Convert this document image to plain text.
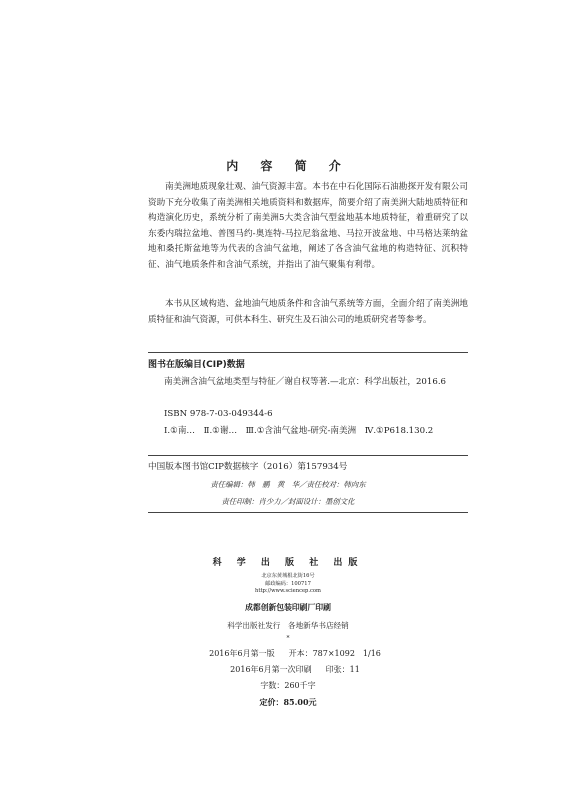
内 容 简 介
南美洲地质现象壮观、油气资源丰富。本书在中石化国际石油勘探开发有限公司资助下充分收集了南美洲相关地质资料和数据库，简要介绍了南美洲大陆地质特征和构造演化历史，系统分析了南美洲5大类含油气型盆地基本地质特征，着重研究了以东委内瑞拉盆地、普图马约-奥连特-马拉尼翁盆地、马拉开波盆地、中马格达莱纳盆地和桑托斯盆地等为代表的含油气盆地，阐述了各含油气盆地的构造特征、沉积特征、油气地质条件和含油气系统，并指出了油气聚集有利带。
本书从区域构造、盆地油气地质条件和含油气系统等方面，全面介绍了南美洲地质特征和油气资源，可供本科生、研究生及石油公司的地质研究者等参考。
图书在版编目(CIP)数据
南美洲含油气盆地类型与特征／谢自权等著.—北京：科学出版社，2016.6
ISBN 978-7-03-049344-6
Ⅰ.①南…　Ⅱ.①谢…　Ⅲ.①含油气盆地-研究-南美洲　Ⅳ.①P618.130.2
中国版本图书馆CIP数据核字（2016）第157934号
责任编辑：韩　鹏　黄　华／责任校对：韩向东
责任印制：肖少力／封面设计：墨创文化
科 学 出 版 社 出版
北京东黄城根北街16号
邮政编码：100717
http://www.sciencep.com
成都创新包装印刷厂印刷
科学出版社发行　各地新华书店经销
*
2016年6月第一版 开本：787×1092　1/16
2016年6月第一次印刷 印张：11
字数：260千字
定价：85.00元
